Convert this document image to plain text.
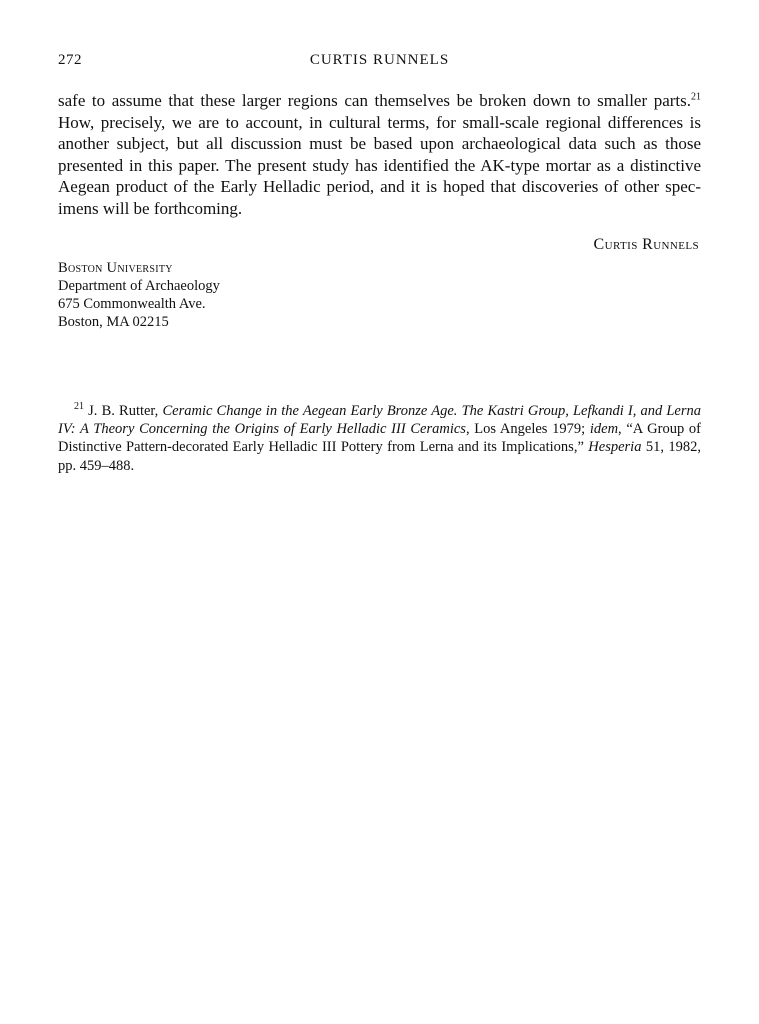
272	CURTIS RUNNELS

safe to assume that these larger regions can themselves be broken down to smaller parts.$^{21}$ How, precisely, we are to account, in cultural terms, for small-scale regional differences is another subject, but all discussion must be based upon archaeological data such as those presented in this paper. The present study has identified the AK-type mortar as a distinctive Aegean product of the Early Helladic period, and it is hoped that discoveries of other specimens will be forthcoming.

Curtis Runnels
Boston University
Department of Archaeology
675 Commonwealth Ave.
Boston, MA 02215

$^{21}$ J. B. Rutter, Ceramic Change in the Aegean Early Bronze Age. The Kastri Group, Lefkandi I, and Lerna IV: A Theory Concerning the Origins of Early Helladic III Ceramics, Los Angeles 1979; idem, “A Group of Distinctive Pattern-decorated Early Helladic III Pottery from Lerna and its Implications,” Hesperia 51, 1982, pp. 459–488.
